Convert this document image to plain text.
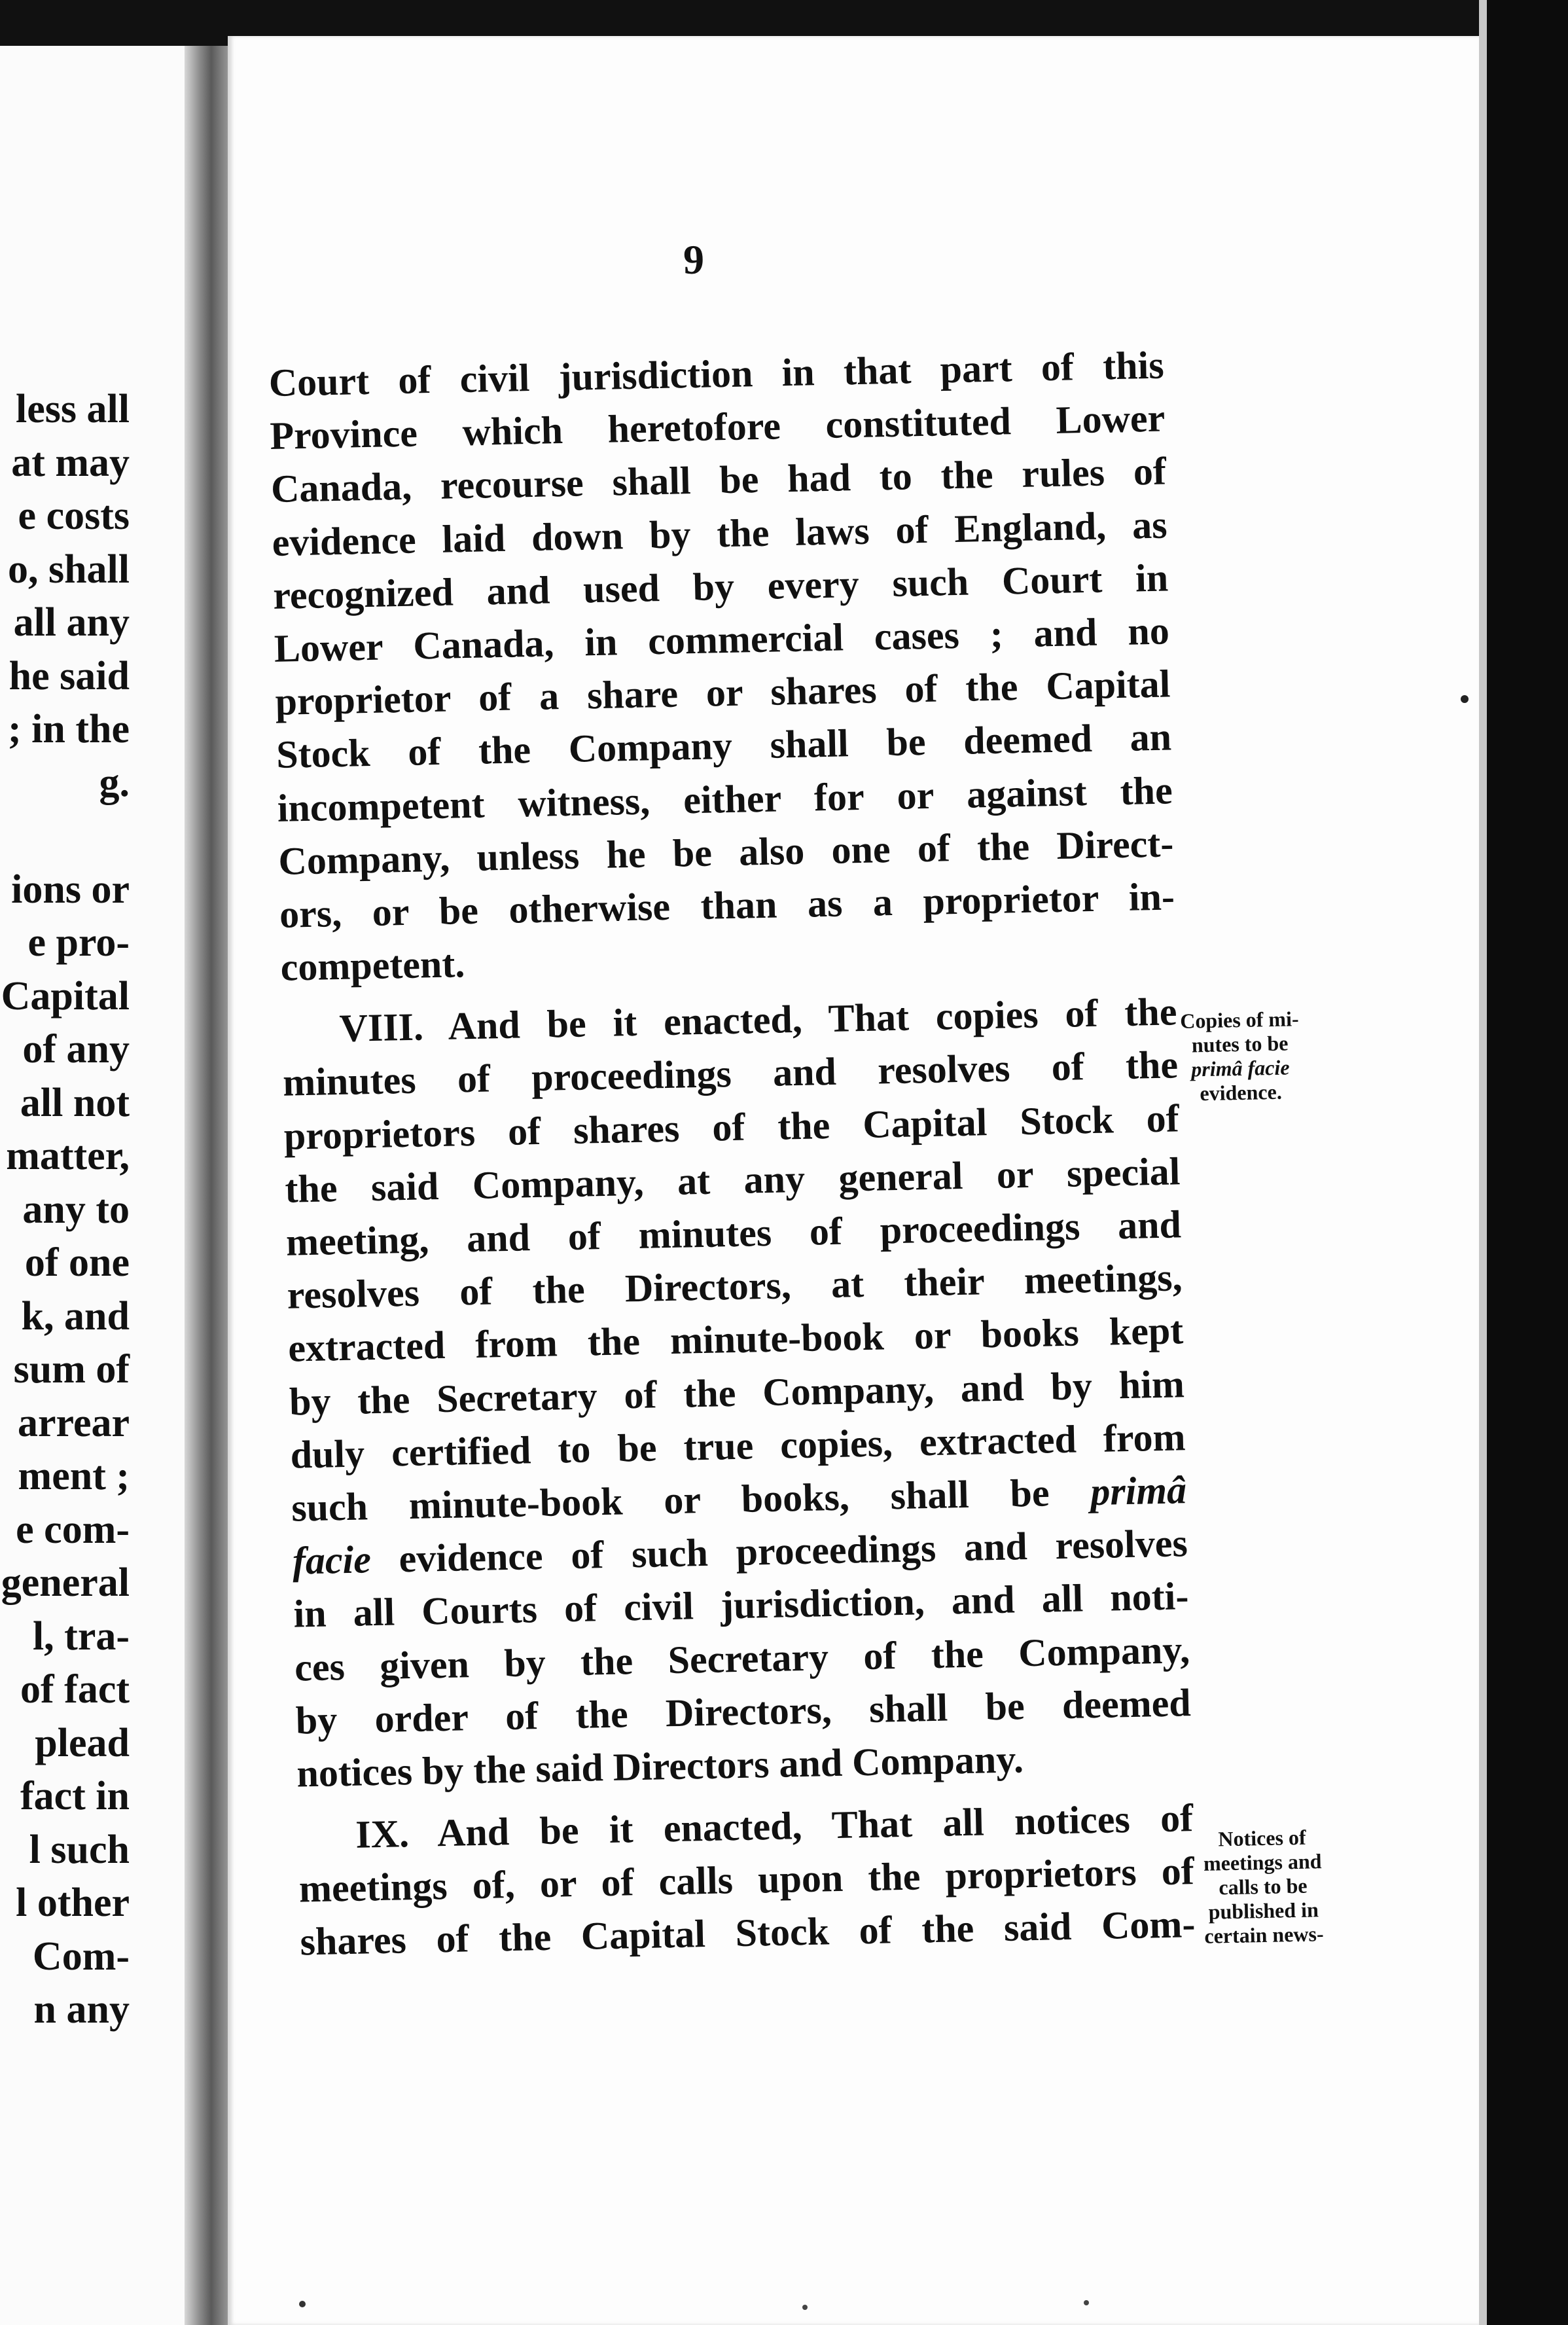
less all
at may
e costs
o, shall
all any
he said
; in the
g.
ions or
e pro-
Capital
of any
all not
matter,
any to
of one
k, and
sum of
arrear
ment ;
e com-
general
l, tra-
of fact
plead
fact in
l such
l other
Com-
n any
9
Court of civil jurisdiction in that part of this
Province which heretofore constituted Lower
Canada, recourse shall be had to the rules of
evidence laid down by the laws of England, as
recognized and used by every such Court in
Lower Canada, in commercial cases ; and no
proprietor of a share or shares of the Capital
Stock of the Company shall be deemed an
incompetent witness, either for or against the
Company, unless he be also one of the Direct-
ors, or be otherwise than as a proprietor in-
competent.
VIII. And be it enacted, That copies of the
minutes of proceedings and resolves of the
proprietors of shares of the Capital Stock of
the said Company, at any general or special
meeting, and of minutes of proceedings and
resolves of the Directors, at their meetings,
extracted from the minute-book or books kept
by the Secretary of the Company, and by him
duly certified to be true copies, extracted from
such minute-book or books, shall be primâ
facie evidence of such proceedings and resolves
in all Courts of civil jurisdiction, and all noti-
ces given by the Secretary of the Company,
by order of the Directors, shall be deemed
notices by the said Directors and Company.
IX. And be it enacted, That all notices of
meetings of, or of calls upon the proprietors of
shares of the Capital Stock of the said Com-
Copies of mi-
nutes to be
primâ facie
evidence.
Notices of
meetings and
calls to be
published in
certain news-
